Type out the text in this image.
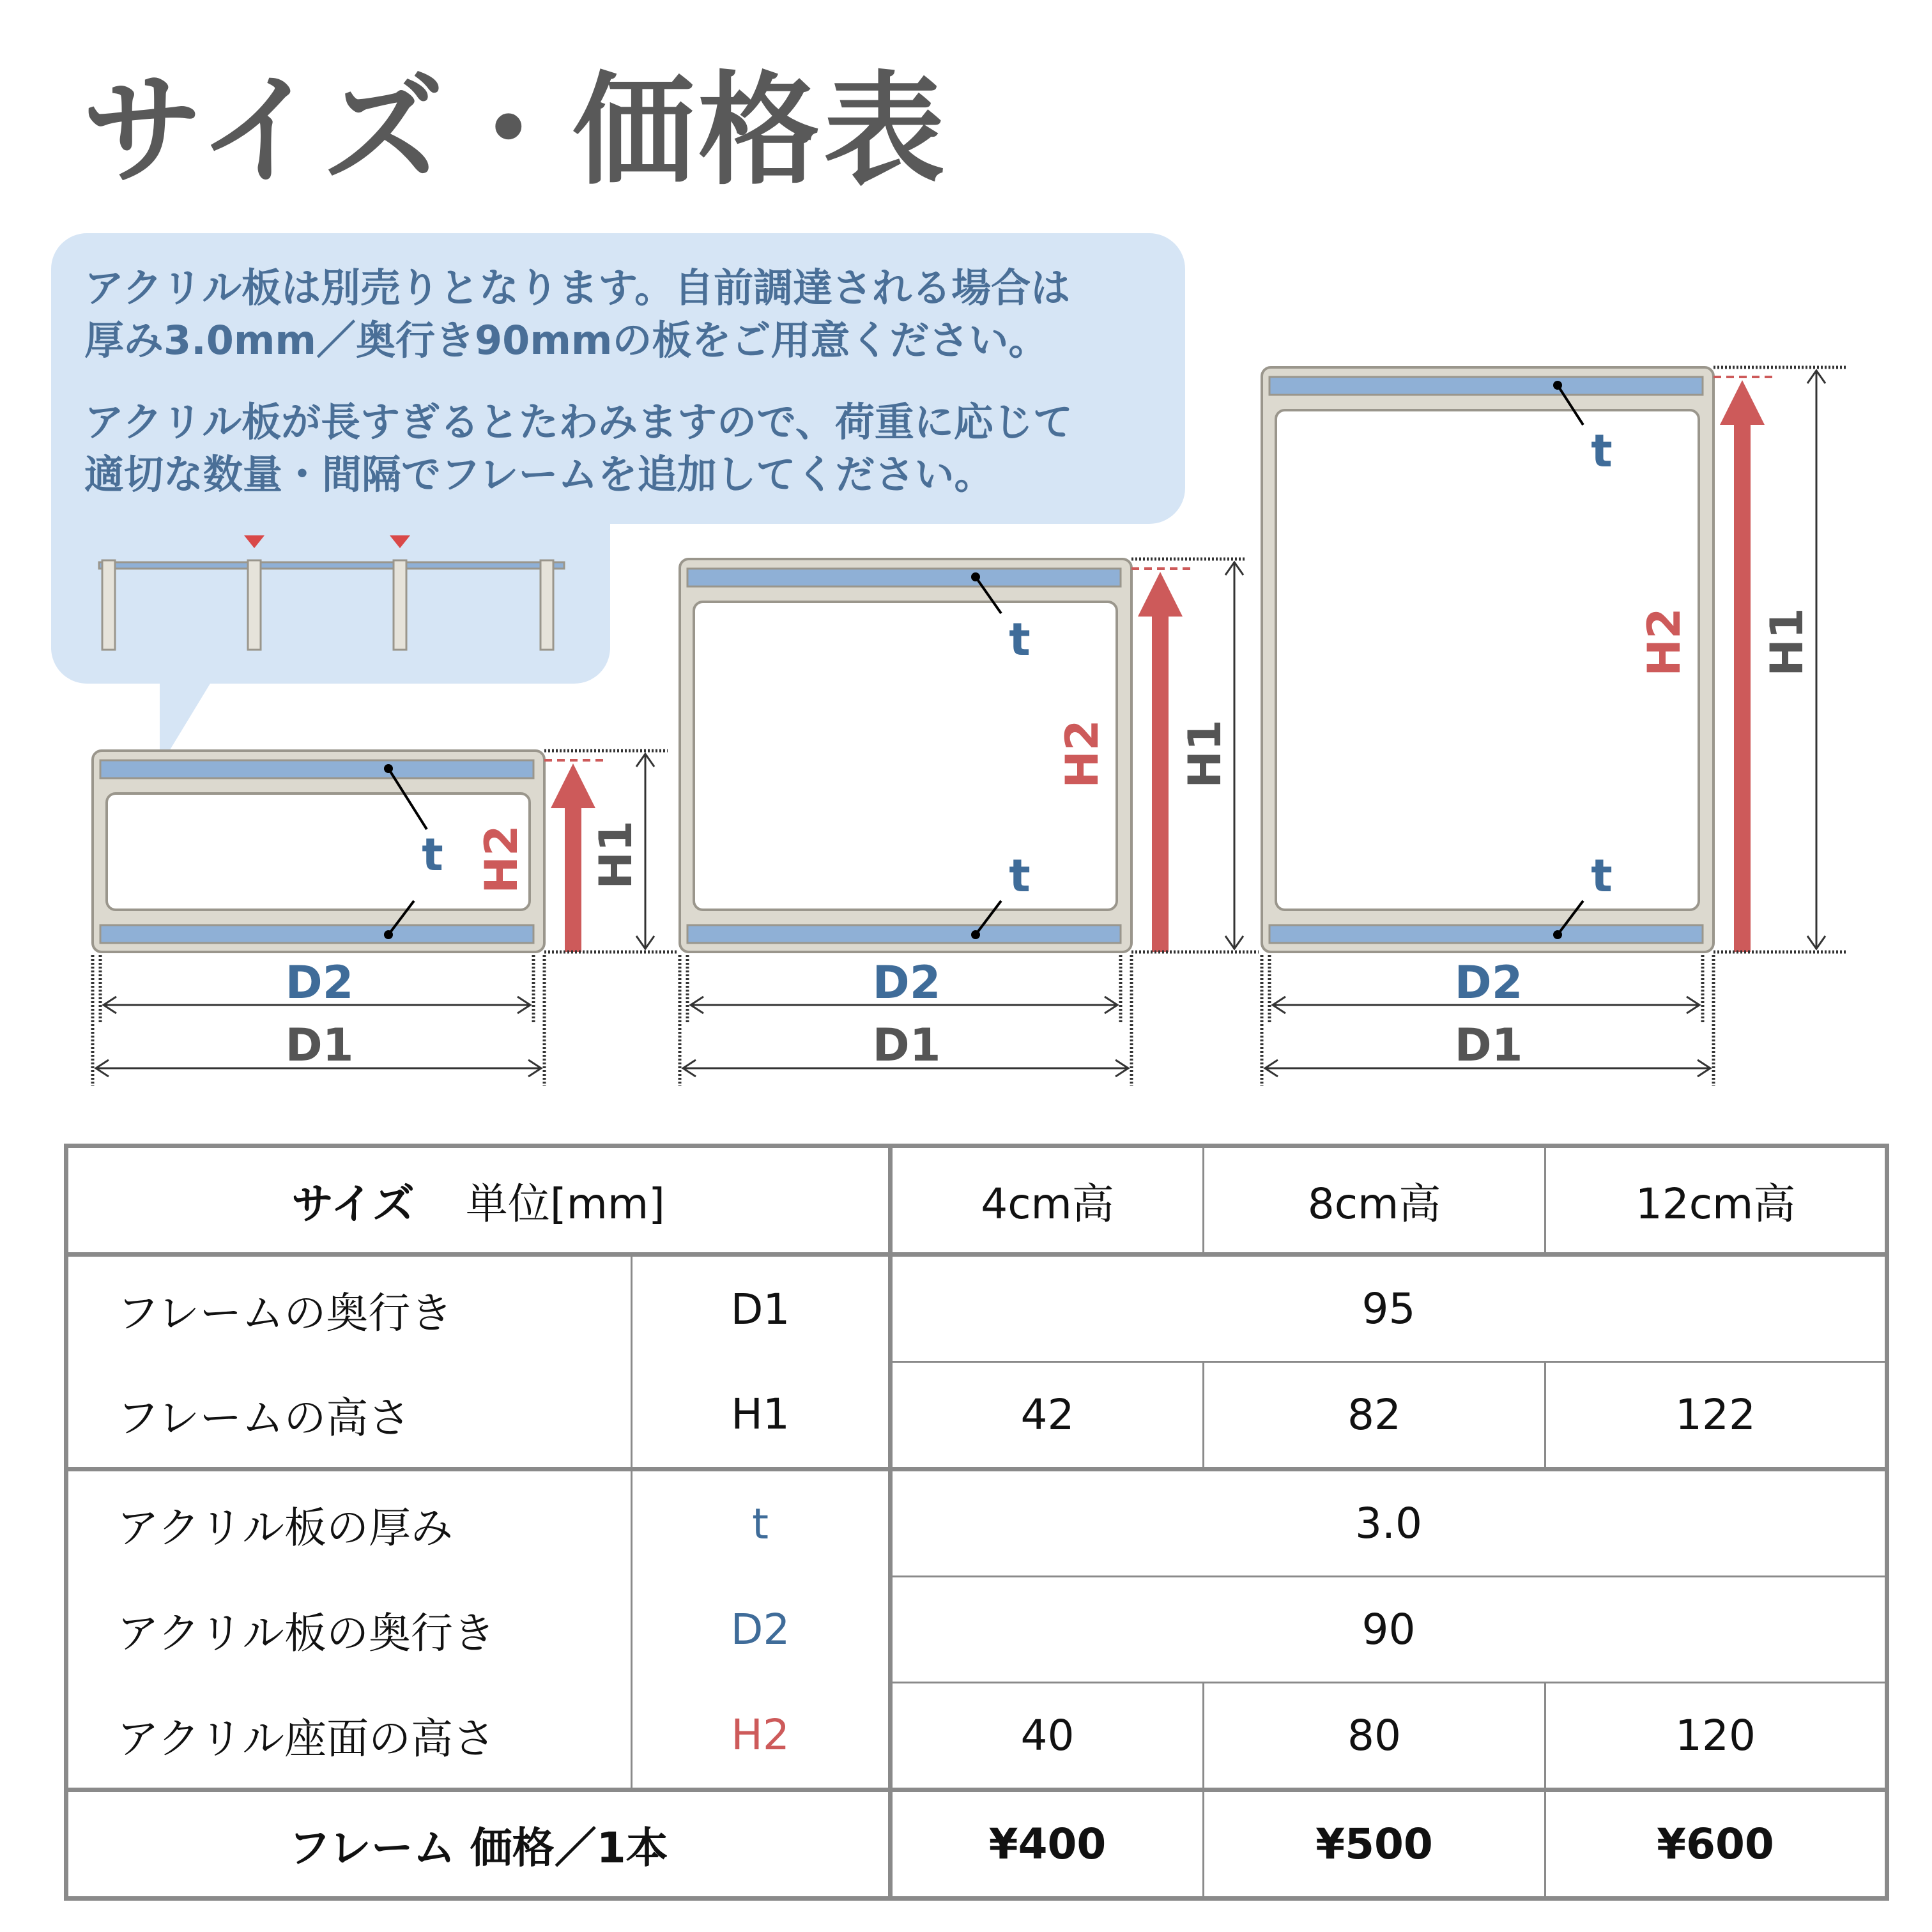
サイズ・価格表
t H2 H1
D2
D1
t
t
H2 H1
D2
D1
t
t
H2 H1
D2
D1
アクリル板は別売りとなります。自前調達される場合は
厚み3.0mm／奥行き90mmの板をご用意ください。
アクリル板が長すぎるとたわみますので、荷重に応じて
適切な数量・間隔でフレームを追加してください。
サイズ 単位[mm]		4cm高	8cm高	12cm高
フレームの奥行き	D1	95		
フレームの高さ	H1	42	82	122
アクリル板の厚み	t	3.0		
アクリル板の奥行き	D2	90		
アクリル座面の高さ	H2	40	80	120
フレーム 価格／1本		¥400	¥500	¥600
